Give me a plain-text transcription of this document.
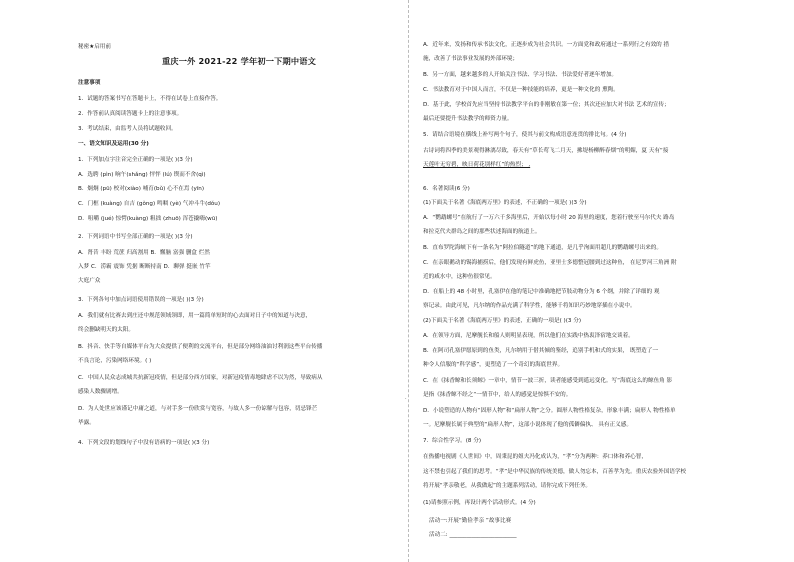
秘密★启用前
重庆一外 2021-22 学年初一下期中语文
注意事项
1．试题的答案书写在答题卡上，不得在试卷上直接作答。
2．作答前认真阅读答题卡上的注意事项。
3．考试结束，由监考人员将试题收回。
一、语文知识及运用(30 分)
1．下列加点字注音完全正确的一项是( )(3 分)
A．选聘 (pìn) 晌午(shǎng) 怦怦 (lú) 锲而不舍(qì)
B．炯炯 (pū) 校对(xiào) 哺育(bǔ) 心不在焉 (yīn)
C．门框 (kuàng) 自吉 (gǒng) 鸣咽 (yè) 气冲斗牛(dǒu)
D．咀嚼 (jué) 惊愕(kuàng) 粗拙 (zhuō) 浑苍撬嗨(wū)
2．下列词语中书写全部正确的一项是( )(3 分)
A．肾昔 丰盼 荒蔗 归高割用 B．懈脑 富强 删盒 烂然
入梦 C．涝霸 震饰 凭据 断断持南 D．聊弹 挺嵌 竹竿
大庭广众
3．下列各句中加点词语使用错误的一项是( )(3 分)
A．我们就有比赛去到庄还中规范领域领即，用一篇简单短时的心去面对日子中的知道与决意，
终会删缺明天的太阳。
B．抖音、快手等自媒体平台为大众提供了便利的交流平台，但是部分网络油油讨利润这些平台传播
不良言论，污染网络环境。( )
C．中国人民众志成城共抗新冠疫情，但是部分西方国家，对新冠疫情毒地肆虐不以为然，导致病从
感染人数骤剧增。
D．为人处世应该谨记中庸之道，与对手多一份欣赏与宽容，与故人多一份谅解与包容，切忌锋芒
毕露。
4．下列文段的划线句子中没有语病的一项是( )(3 分)
·
A．近年来，发扬和传承书法文化，正逐步成为社会共识。一方面党和政府通过一系列行之有效的 措
施，改善了书法事业发展的外部环境；
B．另一方面，越来越多的人开始关注书法、学习书法、书法爱好者逐年增加。
C．书法教育对于中国人而言，不仅是一种技能的培养，更是一种文化的 熏陶。
D．基于此，学校首先应当坚持书法教学平台的非刚敏在第一位；其次还应加大对书法 艺术的宣传；
最后还要提升书法教学的师资力量。
5．请结合语境在横线上补写两个句子，使其与前文构成语意连贯的排比句。(4 分)
古诗词将四季的美景观得淋漓尽致，春天有“草长莺飞二月天，拂堤杨柳醉春烟”的明媚，夏 天有“接
天莲叶无穷碧，映日荷花别样红”的热烈； ,
6．名著阅读(6 分)
(1)下面关于名著《海底两万里》的表述，不正确的一项是( )(3 分)
A．“鹦鹉螺号”在航行了一万六千多海里后，开始以每小时 20 海里的速度，您着行驶至马尔代夫 路岛
和拉克代夫群岛之间的那些状述海面的航道上。
B．直布罗陀海峡下有一条名为“阿拉伯隧道”的地下通道，是几乎洵面用超几的鹦鹉螺号出来的。
C．在亲眼鹅动的锡海捕捞后，他们发现有鲜虎鱼，亚里士多德整冠腰到过这种鱼， 在尼罗河三角洲 附
近的咸水中，这种鱼很常见。
D．在船上的 48 小时里，孔塞伊在他的笔记中准确地把节肢动物分为 6 个纲，并除了详细的 观
察记录。由此可见，凡尔纳的作品充满了科学性，能够千将知识巧妙地穿插在小说中。
(2)下面关于名著《海底两万里》的表述，正确的一项是( )(3 分)
A．在领导方面，尼摩舰长和船人则明显表现，所以他们在实践中热衷泽宿地交谈着。
B．在阿司孔塞伊愿原到的鱼类，凡尔纳用于借其倾的鉴经，追别手机和式的实果， 既塑造了一
种令人信服的“科学感”，更塑造了一个奇幻的海底世界。
C．在《抹香鲸和长须鲸》一章中，情节一波三折，读者能感受到遥远变化。写“海底这么的鲸鱼角 影
是指《抹香鲸不经之“一情节中，给人的感觉是惊惧不安的。
D．小说塑造的人物有“固形人物”和“扁形人物”之分。圆形人物性格复杂，形象丰满；扁形人 物性格单
一。尼摩舰长属于典型的“扁形人物”，这部小说体现了他的孤僻偏执、 具有正义感。
7．综合性学习。(8 分)
在热播电视剧《人世间》中，周秉昆的姐夫冯化成认为，“孝”分为两种：养口体和养心智，
这不禁也引起了我们的思考。“孝”是中华民族的传统美德，做人勿忘本，百善孝为先。重庆农验外国语学校
将开展“孝亲敬老，从我做起”的主题系列活动，请你完成下列任务。
(1)请参照示例，再设计两个活动形式。(4 分)
活动一:开展“勤俭孝亲 ”故事比赛
活动二: ________________________
